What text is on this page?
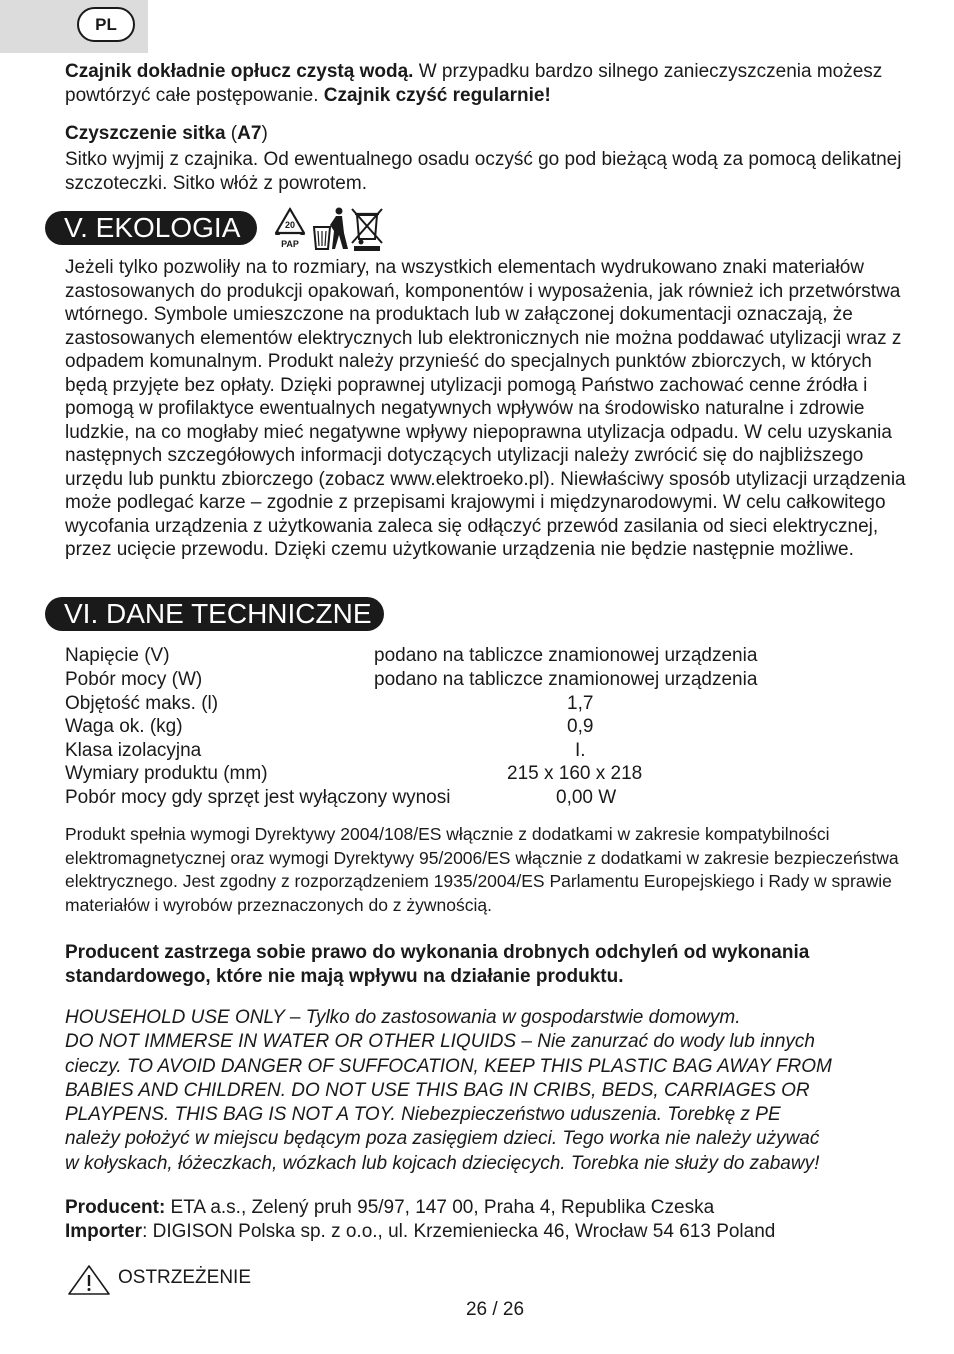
PL

Czajnik dokładnie opłucz czystą wodą. W przypadku bardzo silnego zanieczyszczenia możesz powtórzyć całe postępowanie. Czajnik czyść regularnie!

Czyszczenie sitka (A7)

Sitko wyjmij z czajnika. Od ewentualnego osadu oczyść go pod bieżącą wodą za pomocą delikatnej szczoteczki. Sitko włóż z powrotem.

V. EKOLOGIA	20
PAP

Jeżeli tylko pozwoliły na to rozmiary, na wszystkich elementach wydrukowano znaki materiałów zastosowanych do produkcji opakowań, komponentów i wyposażenia, jak również ich przetwórstwa wtórnego. Symbole umieszczone na produktach lub w załączonej dokumentacji oznaczają, że zastosowanych elementów elektrycznych lub elektronicznych nie można poddawać utylizacji wraz z odpadem komunalnym. Produkt należy przynieść do specjalnych punktów zbiorczych, w których będą przyjęte bez opłaty. Dzięki poprawnej utylizacji pomogą Państwo zachować cenne źródła i pomogą w profilaktyce ewentualnych negatywnych wpływów na środowisko naturalne i zdrowie ludzkie, na co mogłaby mieć negatywne wpływy niepoprawna utylizacja odpadu. W celu uzyskania następnych szczegółowych informacji dotyczących utylizacji należy zwrócić się do najbliższego urzędu lub punktu zbiorczego (zobacz www.elektroeko.pl). Niewłaściwy sposób utylizacji urządzenia może podlegać karze – zgodnie z przepisami krajowymi i międzynarodowymi. W celu całkowitego wycofania urządzenia z użytkowania zaleca się odłączyć przewód zasilania od sieci elektrycznej, przez ucięcie przewodu. Dzięki czemu użytkowanie urządzenia nie będzie następnie możliwe.

VI. DANE TECHNICZNE
Napięcie (V)	podano na tabliczce znamionowej urządzenia
Pobór mocy (W)	podano na tabliczce znamionowej urządzenia
Objętość maks. (l)	1,7
Waga ok. (kg)	0,9
Klasa izolacyjna	I.
Wymiary produktu (mm)	215 x 160 x 218
Pobór mocy gdy sprzęt jest wyłączony wynosi	0,00 W

Produkt spełnia wymogi Dyrektywy 2004/108/ES włącznie z dodatkami w zakresie kompatybilności elektromagnetycznej oraz wymogi Dyrektywy 95/2006/ES włącznie z dodatkami w zakresie bezpieczeństwa elektrycznego. Jest zgodny z rozporządzeniem 1935/2004/ES Parlamentu Europejskiego i Rady w sprawie materiałów i wyrobów przeznaczonych do z żywnością.

Producent zastrzega sobie prawo do wykonania drobnych odchyleń od wykonania standardowego, które nie mają wpływu na działanie produktu.

HOUSEHOLD USE ONLY – Tylko do zastosowania w gospodarstwie domowym.
DO NOT IMMERSE IN WATER OR OTHER LIQUIDS – Nie zanurzać do wody lub innych
cieczy. TO AVOID DANGER OF SUFFOCATION, KEEP THIS PLASTIC BAG AWAY FROM
BABIES AND CHILDREN. DO NOT USE THIS BAG IN CRIBS, BEDS, CARRIAGES OR
PLAYPENS. THIS BAG IS NOT A TOY. Niebezpieczeństwo uduszenia. Torebkę z PE
należy położyć w miejscu będącym poza zasięgiem dzieci. Tego worka nie należy używać
w kołyskach, łóżeczkach, wózkach lub kojcach dziecięcych. Torebka nie służy do zabawy!

Producent: ETA a.s., Zelený pruh 95/97, 147 00, Praha 4, Republika Czeska

Importer: DIGISON Polska sp. z o.o., ul. Krzemieniecka 46, Wrocław 54 613 Poland

OSTRZEŻENIE
26 / 26
